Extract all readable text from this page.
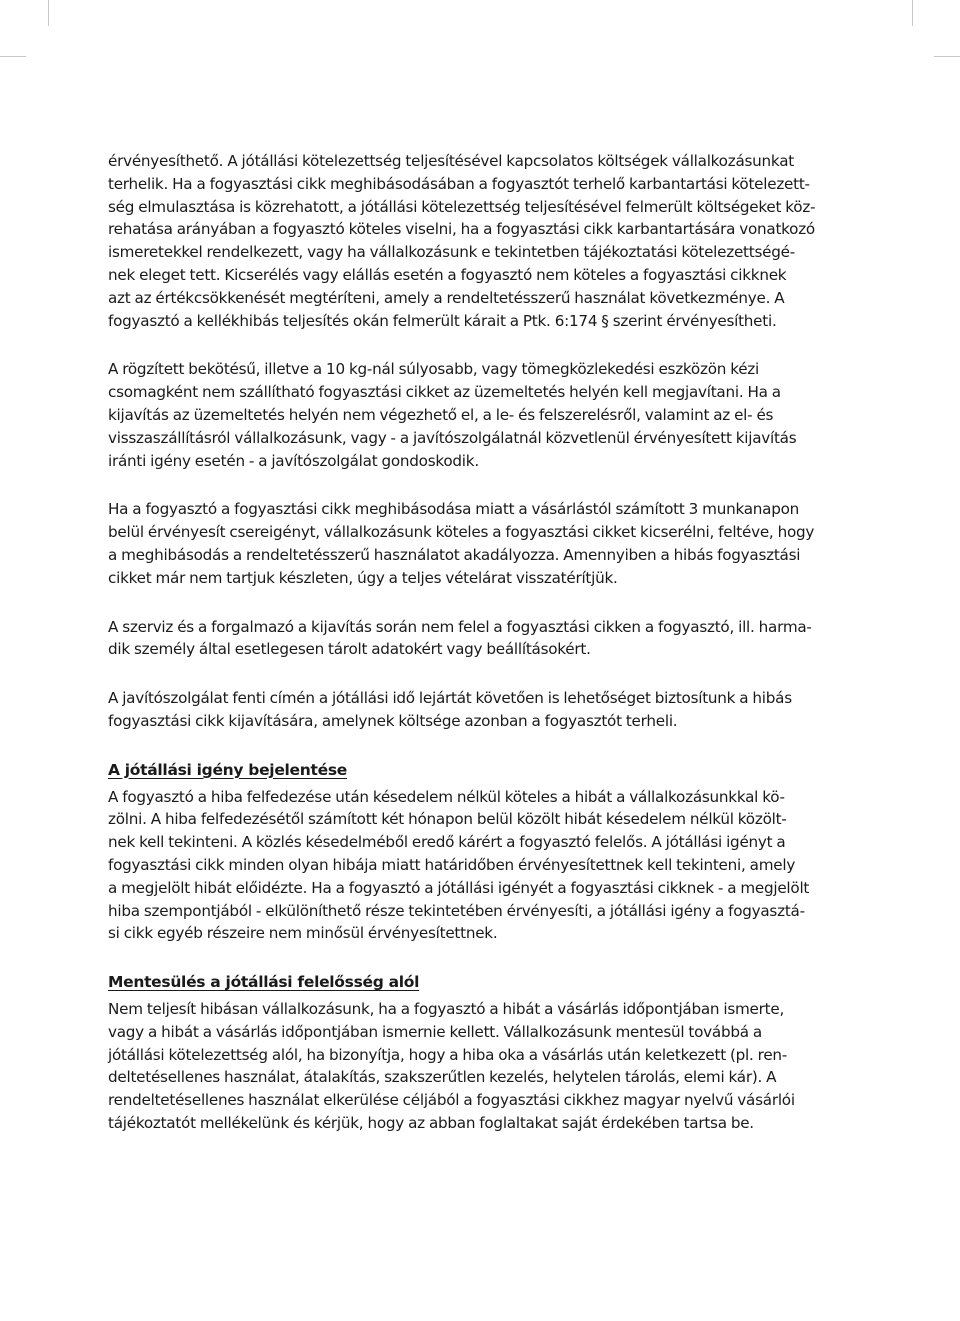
érvényesíthető. A jótállási kötelezettség teljesítésével kapcsolatos költségek vállalkozásunkat
terhelik. Ha a fogyasztási cikk meghibásodásában a fogyasztót terhelő karbantartási kötelezett-
ség elmulasztása is közrehatott, a jótállási kötelezettség teljesítésével felmerült költségeket köz-
rehatása arányában a fogyasztó köteles viselni, ha a fogyasztási cikk karbantartására vonatkozó
ismeretekkel rendelkezett, vagy ha vállalkozásunk e tekintetben tájékoztatási kötelezettségé-
nek eleget tett. Kicserélés vagy elállás esetén a fogyasztó nem köteles a fogyasztási cikknek
azt az értékcsökkenését megtéríteni, amely a rendeltetésszerű használat következménye. A
fogyasztó a kellékhibás teljesítés okán felmerült kárait a Ptk. 6:174 § szerint érvényesítheti.
A rögzített bekötésű, illetve a 10 kg-nál súlyosabb, vagy tömegközlekedési eszközön kézi
csomagként nem szállítható fogyasztási cikket az üzemeltetés helyén kell megjavítani. Ha a
kijavítás az üzemeltetés helyén nem végezhető el, a le- és felszerelésről, valamint az el- és
visszaszállításról vállalkozásunk, vagy - a javítószolgálatnál közvetlenül érvényesített kijavítás
iránti igény esetén - a javítószolgálat gondoskodik.
Ha a fogyasztó a fogyasztási cikk meghibásodása miatt a vásárlástól számított 3 munkanapon
belül érvényesít csereigényt, vállalkozásunk köteles a fogyasztási cikket kicserélni, feltéve, hogy
a meghibásodás a rendeltetésszerű használatot akadályozza. Amennyiben a hibás fogyasztási
cikket már nem tartjuk készleten, úgy a teljes vételárat visszatérítjük.
A szerviz és a forgalmazó a kijavítás során nem felel a fogyasztási cikken a fogyasztó, ill. harma-
dik személy által esetlegesen tárolt adatokért vagy beállításokért.
A javítószolgálat fenti címén a jótállási idő lejártát követően is lehetőséget biztosítunk a hibás
fogyasztási cikk kijavítására, amelynek költsége azonban a fogyasztót terheli.
A jótállási igény bejelentése
A fogyasztó a hiba felfedezése után késedelem nélkül köteles a hibát a vállalkozásunkkal kö-
zölni. A hiba felfedezésétől számított két hónapon belül közölt hibát késedelem nélkül közölt-
nek kell tekinteni. A közlés késedelméből eredő kárért a fogyasztó felelős. A jótállási igényt a
fogyasztási cikk minden olyan hibája miatt határidőben érvényesítettnek kell tekinteni, amely
a megjelölt hibát előidézte. Ha a fogyasztó a jótállási igényét a fogyasztási cikknek - a megjelölt
hiba szempontjából - elkülöníthető része tekintetében érvényesíti, a jótállási igény a fogyasztá-
si cikk egyéb részeire nem minősül érvényesítettnek.
Mentesülés a jótállási felelősség alól
Nem teljesít hibásan vállalkozásunk, ha a fogyasztó a hibát a vásárlás időpontjában ismerte,
vagy a hibát a vásárlás időpontjában ismernie kellett. Vállalkozásunk mentesül továbbá a
jótállási kötelezettség alól, ha bizonyítja, hogy a hiba oka a vásárlás után keletkezett (pl. ren-
deltetésellenes használat, átalakítás, szakszerűtlen kezelés, helytelen tárolás, elemi kár). A
rendeltetésellenes használat elkerülése céljából a fogyasztási cikkhez magyar nyelvű vásárlói
tájékoztatót mellékelünk és kérjük, hogy az abban foglaltakat saját érdekében tartsa be.
